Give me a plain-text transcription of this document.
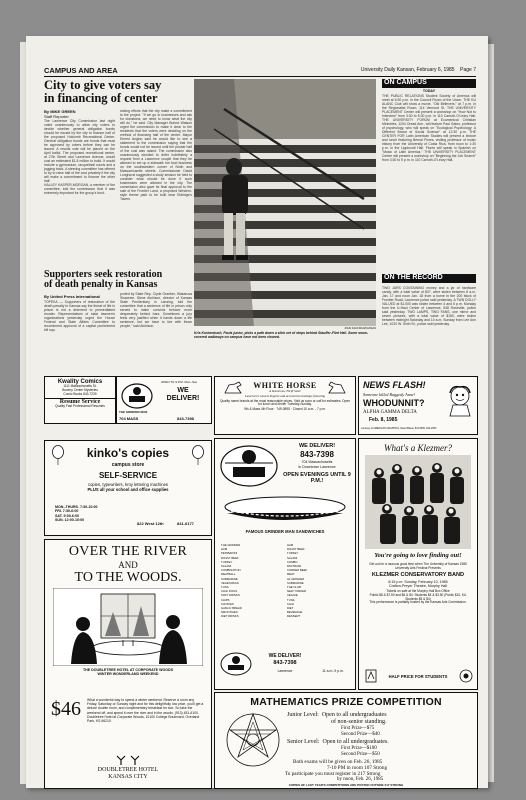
CAMPUS AND AREA	University Daily Kansan, February 6, 1985 Page 7
City to give voters say
in financing of center
By MIKE GREEN
Staff Reporter
The Lawrence City Commission last night voted unanimously to allow city voters to decide whether general obligation bonds should be issued by the city to finance half of the proposed Holcomb Recreational Center. General obligation bonds are bonds that must be approved by voters before they can be issued. A results vote will be placed on the April ballot. The proposed recreational center, at 27th Street and Lawrence Avenue, would cost an estimated $1.8 million to build. It would include a gymnasium, racquetball courts and a jogging track. A steering committee has offered to try to raise half of the cost privately if the city will make a commitment to finance the other half.
HALLEY KASPER-MORGAN, a member of the committee, told the commission that it was extremely important for the group's fund-
raising efforts that the city make a commitment to the project. "If we go to businesses and ask for donations, we need to know what the city will do," he said. City Manager Buford Watson urged the commission to make it clear to the residents that the voters were deciding on the method of financing half of the center. Mayor Ernest Angino said he would like to see a statement to the commission saying that the bonds would not be issued until the private half of the cost was raised. The commission also unanimously decided to defer indefinitely a request from a Lawrence couple that they be allowed to set up a sidewalk hot food business on the southwestern corner of Ninth and Massachusetts streets. Commissioner David Longhurst suggested a study session be held to consider what should be done if such businesses were allowed in the city. The commission also gave its final approval to the sale of the Frontier Land, a proposed Western-style theme park to be built near Eldridge's Tavern.
Supporters seek restoration
of death penalty in Kansas
By United Press International
TOPEKA — Supporters of restoration of the death penalty in Kansas say the threat of life in prison is not a deterrent to premeditated murder. Representatives of state lawmen's organizations yesterday urged the House Federal and State Affairs Committee to recommend approval of a capital punishment bill sup-
ported by State Rep. Clyde Graeber, Wakarusa Shawnee. Steve Atchison, director of Kansas State Penitentiary in Lansing, told the committee that a sentence of life in prison only served to make convicts behave more desperately behind bars. Sometimes a jury feels very justified when it hands down a life sentence, but we have to live with those people," said Atchison.
JOHN KAUFMAN/KANSAN
Kris Kurbenbuch, Pauls junior, picks a path down a slick set of steps behind Stauffer-Flint Hall. Some snow-covered walkways on campus have not been cleared.
ON CAMPUS
TODAY
THE PUBLIC RELATIONS Student Society of America will meet at 6:30 p.m. in the Council Room of the Union. THE KU ALANC Club will show a movie, "Old Believers," at 7 p.m. in the Regionalist Room, 114 Vermont St. THE UNIVERSITY PLACEMENT Center will present a workshop on "How Not to Interview" from 3:30 to 5:30 p.m. in 110 Carruth-O'Leary Hall. THE UNIVERSITY FORUM at Ecumenical Christian Ministries, 1204 Oread Ave., will feature Paul Gates, professor of psychology, who will speak on "Ecological Psychology: A Different Brand of Social Science" at 12:30 p.m. THE CENTER FOR Latin American Studies will present a lecture and lunch featuring Bernal Flores, visiting professor of music history from the University of Costa Rica, from noon to 1:30 p.m. in the Lippincott Hall. Flores will speak in Spanish on "Music of Latin America." THE UNIVERSITY PLACEMENT Center will present a workshop on "Beginning the Job Search" from 3:30 to 5 p.m. in 110 Carruth-O'Leary Hall.
ON THE RECORD
TWO JARS CONTAINING money and a jar of hardware candy, with a total value of $37, were stolen between 8 a.m. Jan. 17 and noon Jan. 18 from a home in the 200 block of Frontier Road, Lawrence police said yesterday. A TWN DOLLY VALUED at $1,000 was stolen between 4 and 5 p.m. Monday from the U-Haul Center of Lawrence, 548 Roseville, police said yesterday. TWO LAMPS, TWO FANS, one mirror and seven pictures, with a total value of $150, were stolen between midnight Saturday and 10 a.m. Sunday from Lee Ann Lee, 1020 W. Sixth St., police said yesterday.
Kwality Comics
1111 Massachusetts St.
Bowery Center Mysteries
Comic Books 843-7239
Resume Service
Quality Fast Professional Resumes
THE GRINDER MAN
OPEN TIL 9 P.M. Mon.-Sat.
WE
DELIVER!
704 MASS	843-7398
WHITE HORSE
A brand new Thrift Store
Lawrence's newest lingerie and accessories boutique featuring
Quality name brands at the most reasonable prices. Visit us soon or call for estimates. Open for lunch and dinner Tuesday-Sunday.
9th & Mass 4th Floor · 749-0895 · Closed 10 a.m. - 7 p.m.
NEWS FLASH!
Someone killed Raggedy Anne!
WHODUNNIT?
ALPHA GAMMA DELTA
Feb. 8, 1985
courtesy of AMERICAN GRAPHICS, David Blauw, 843-5050, 842-2053
kinko's copies
campus store
SELF-SERVICE
copies, typewriters, kroy lettering machines
PLUS all your school and office supplies
MON.-THURS. 7:30-10:00
FRI. 7:30-6:00
SAT. 9:00-6:00
SUN. 12:00-10:00
822 West 12th	841-6177
OVER THE RIVER
AND
TO THE WOODS.
THE DOUBLETREE HOTEL AT CORPORATE WOODS
WINTER WONDERLAND WEEKEND
$46 What a wonderful way to spend a winter weekend. Reserve a room any Friday, Saturday or Sunday night and for this delightfully low price, you'll get a deluxe double room, and complimentary breakfast for two. So take the weekend off, and spend it over the river and in the woods. (913) 451-6100. Doubletree Hotel at Corporate Woods, 10100 College Boulevard, Overland Park, KS 66210.
DOUBLETREE HOTEL
KANSAS CITY
WE DELIVER!
843-7398
704 Massachusetts
In Downtown Lawrence
OPEN EVENINGS UNTIL 9 P.M.!
FAMOUS GRINDER MAN SANDWICHES
THE GRINDER
HAM
PEPPERONI
ROAST BEEF
TURKEY
SALAMI
COMBINATION
MEATBALL
SUBMARINE
VEGETARIAN
TUNA
CHILI DOGS
SOFT DRINKS
CHIPS
COOKIES
GARLIC BREAD
SMOOTHIES
DIET DRINKS
HAM
ROAST BEEF
TURKEY
SALAMI
COMBO
PASTRAMI
CORNED BEEF
MEAT
LE GRINDER
SUBMARINE
THE CLUB
NEW YORKER
VEGGIE
TUNA
CHILI
DIET
BEVERAGE
DESSERT
WE DELIVER!
843-7398
Lawrence	11 a.m.-9 p.m.
What's a Klezmer?
You're going to love finding out!
Get out for a raucous good time when The University of Kansas 1985 University Arts Festival Presents
KLEZMER CONSERVATORY BAND
8:15 p.m. Sunday, February 10, 1985
Crafton-Preyer Theatre, Murphy Hall
Tickets on sale at the Murphy Hall Box Office
Public $8 & $7.50 and $6 & $4. Students $4 & $3.50 (Public $10, KU Students $5 & $4)
This performance is partially funded by the Kansas Arts Commission.
HALF PRICE FOR STUDENTS
MATHEMATICS PRIZE COMPETITION
Junior Level: Open to all undergraduates
of non-senior standing.
First Prize—$75
Second Prize—$40
Senior Level: Open to all undergraduates.
First Prize—$100
Second Prize—$50
Both exams will be given on Feb. 26, 1985
7-10 PM in room 107 Strong
To participate you must register in 217 Strong
by noon, Feb. 26, 1985
COPIES OF LAST YEAR'S COMPETITIONS ARE POSTED OUTSIDE 217 STRONG
